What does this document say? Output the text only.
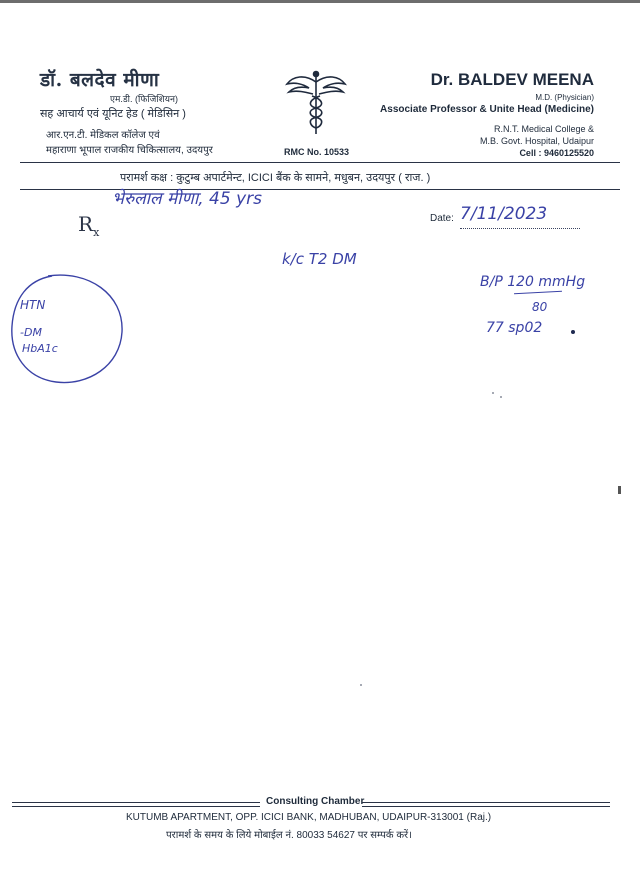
डॉ. बलदेव मीणा
एम.डी. (फिजिशियन)
सह आचार्य एवं यूनिट हेड ( मेडिसिन )
आर.एन.टी. मेडिकल कॉलेज एवं
महाराणा भूपाल राजकीय चिकित्सालय, उदयपुर
Dr. BALDEV MEENA
M.D. (Physician)
Associate Professor & Unite Head (Medicine)
R.N.T. Medical College &
M.B. Govt. Hospital, Udaipur
Cell : 9460125520
RMC No. 10533
परामर्श कक्ष : कुटुम्ब अपार्टमेन्ट, ICICI बैंक के सामने, मधुबन, उदयपुर ( राज. )
$R_x$
Date: 7/11/2023
भेरुलाल मीणा, 45 yrs
k/c T2 DM
B/P 120 mmHg
80
77 sp02
HTN
-DM
HbA1c
Consulting Chamber
KUTUMB APARTMENT, OPP. ICICI BANK, MADHUBAN, UDAIPUR-313001 (Raj.)
परामर्श के समय के लिये मोबाईल नं. 80033 54627 पर सम्पर्क करें।
